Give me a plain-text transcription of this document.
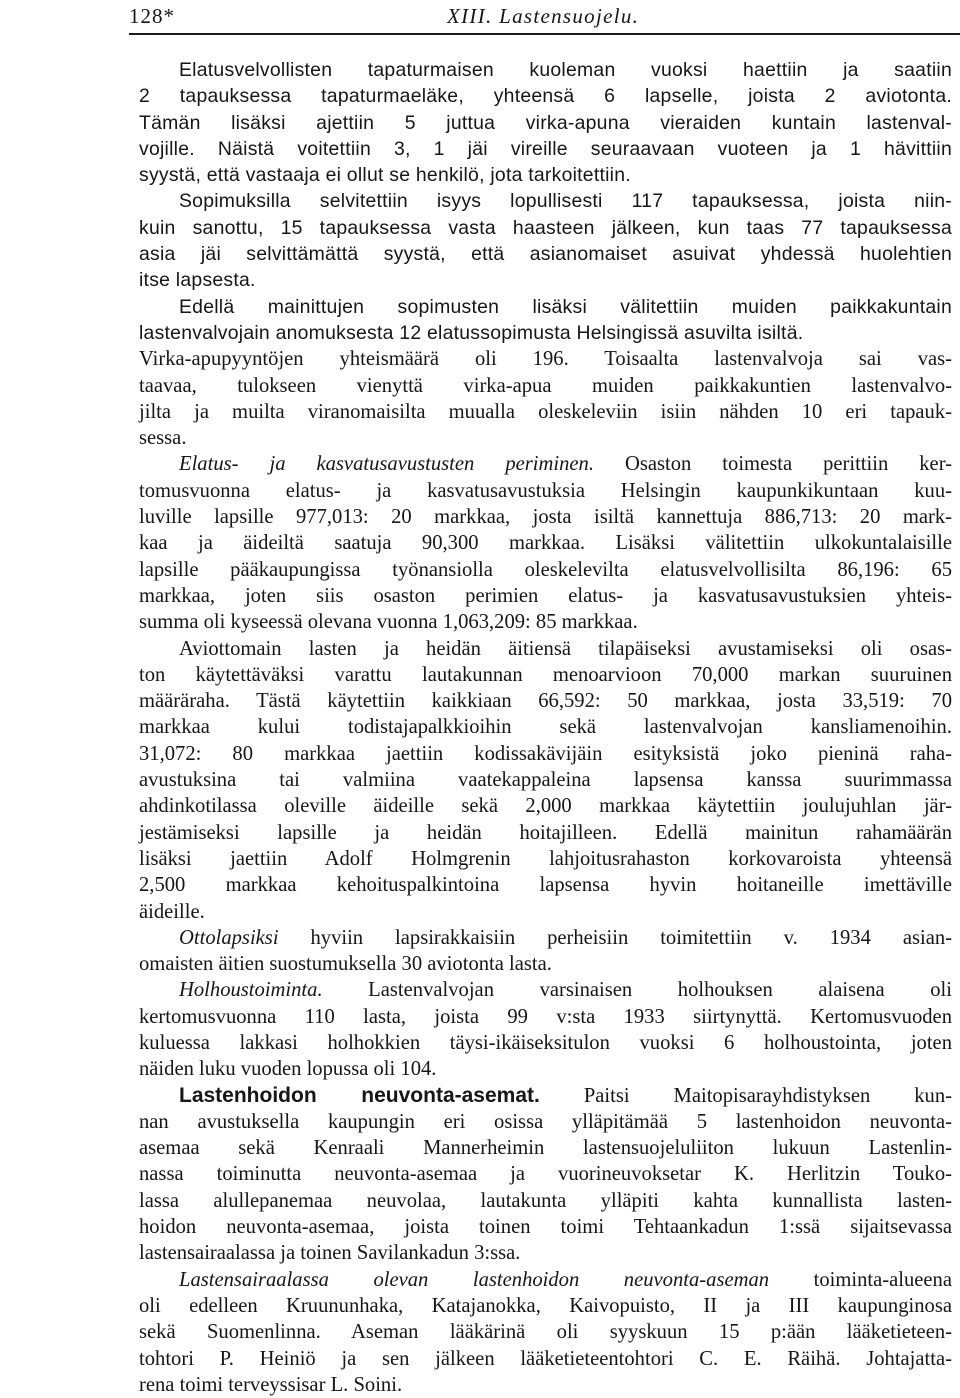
128*	XIII. Lastensuojelu.
Elatusvelvollisten tapaturmaisen kuoleman vuoksi haettiin ja saatiin
2 tapauksessa tapaturmaeläke, yhteensä 6 lapselle, joista 2 aviotonta.
Tämän lisäksi ajettiin 5 juttua virka-apuna vieraiden kuntain lastenval-
vojille. Näistä voitettiin 3, 1 jäi vireille seuraavaan vuoteen ja 1 hävittiin
syystä, että vastaaja ei ollut se henkilö, jota tarkoitettiin.
Sopimuksilla selvitettiin isyys lopullisesti 117 tapauksessa, joista niin-
kuin sanottu, 15 tapauksessa vasta haasteen jälkeen, kun taas 77 tapauksessa
asia jäi selvittämättä syystä, että asianomaiset asuivat yhdessä huolehtien
itse lapsesta.
Edellä mainittujen sopimusten lisäksi välitettiin muiden paikkakuntain
lastenvalvojain anomuksesta 12 elatussopimusta Helsingissä asuvilta isiltä.
Virka-apupyyntöjen yhteismäärä oli 196. Toisaalta lastenvalvoja sai vas-
taavaa, tulokseen vienyttä virka-apua muiden paikkakuntien lastenvalvo-
jilta ja muilta viranomaisilta muualla oleskeleviin isiin nähden 10 eri tapauk-
sessa.
Elatus- ja kasvatusavustusten periminen. Osaston toimesta perittiin ker-
tomusvuonna elatus- ja kasvatusavustuksia Helsingin kaupunkikuntaan kuu-
luville lapsille 977,013: 20 markkaa, josta isiltä kannettuja 886,713: 20 mark-
kaa ja äideiltä saatuja 90,300 markkaa. Lisäksi välitettiin ulkokuntalaisille
lapsille pääkaupungissa työnansiolla oleskelevilta elatusvelvollisilta 86,196: 65
markkaa, joten siis osaston perimien elatus- ja kasvatusavustuksien yhteis-
summa oli kyseessä olevana vuonna 1,063,209: 85 markkaa.
Aviottomain lasten ja heidän äitiensä tilapäiseksi avustamiseksi oli osas-
ton käytettäväksi varattu lautakunnan menoarvioon 70,000 markan suuruinen
määräraha. Tästä käytettiin kaikkiaan 66,592: 50 markkaa, josta 33,519: 70
markkaa kului todistajapalkkioihin sekä lastenvalvojan kansliamenoihin.
31,072: 80 markkaa jaettiin kodissakävijäin esityksistä joko pieninä raha-
avustuksina tai valmiina vaatekappaleina lapsensa kanssa suurimmassa
ahdinkotilassa oleville äideille sekä 2,000 markkaa käytettiin joulujuhlan jär-
jestämiseksi lapsille ja heidän hoitajilleen. Edellä mainitun rahamäärän
lisäksi jaettiin Adolf Holmgrenin lahjoitusrahaston korkovaroista yhteensä
2,500 markkaa kehoituspalkintoina lapsensa hyvin hoitaneille imettäville
äideille.
Ottolapsiksi hyviin lapsirakkaisiin perheisiin toimitettiin v. 1934 asian-
omaisten äitien suostumuksella 30 aviotonta lasta.
Holhoustoiminta. Lastenvalvojan varsinaisen holhouksen alaisena oli
kertomusvuonna 110 lasta, joista 99 v:sta 1933 siirtynyttä. Kertomusvuoden
kuluessa lakkasi holhokkien täysi-ikäiseksitulon vuoksi 6 holhoustointa, joten
näiden luku vuoden lopussa oli 104.
Lastenhoidon neuvonta-asemat. Paitsi Maitopisarayhdistyksen kun-
nan avustuksella kaupungin eri osissa ylläpitämää 5 lastenhoidon neuvonta-
asemaa sekä Kenraali Mannerheimin lastensuojeluliiton lukuun Lastenlin-
nassa toiminutta neuvonta-asemaa ja vuorineuvoksetar K. Herlitzin Touko-
lassa alullepanemaa neuvolaa, lautakunta ylläpiti kahta kunnallista lasten-
hoidon neuvonta-asemaa, joista toinen toimi Tehtaankadun 1:ssä sijaitsevassa
lastensairaalassa ja toinen Savilankadun 3:ssa.
Lastensairaalassa olevan lastenhoidon neuvonta-aseman toiminta-alueena
oli edelleen Kruununhaka, Katajanokka, Kaivopuisto, II ja III kaupunginosa
sekä Suomenlinna. Aseman lääkärinä oli syyskuun 15 p:ään lääketieteen-
tohtori P. Heiniö ja sen jälkeen lääketieteentohtori C. E. Räihä. Johtajatta-
rena toimi terveyssisar L. Soini.
